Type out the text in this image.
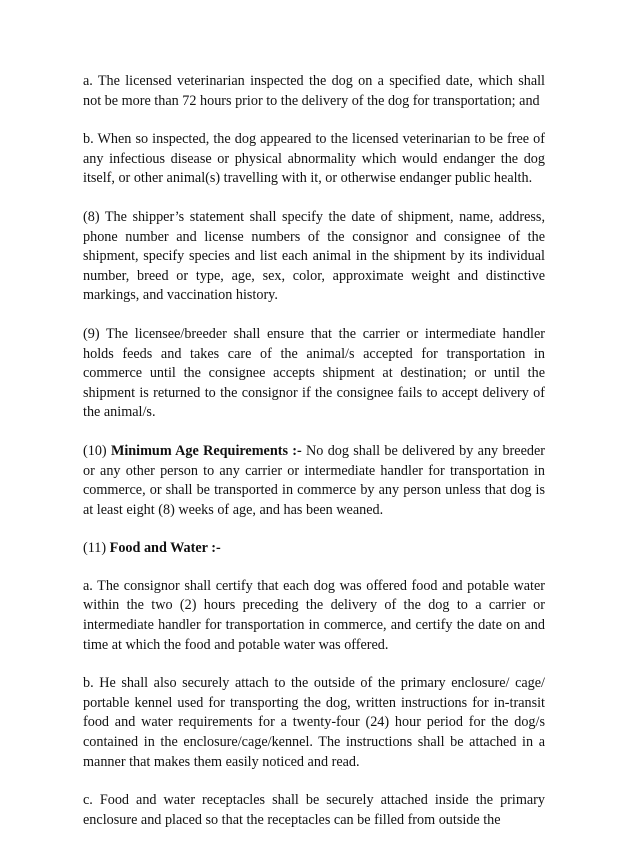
a. The licensed veterinarian inspected the dog on a specified date, which shall not be more than 72 hours prior to the delivery of the dog for transportation; and

b. When so inspected, the dog appeared to the licensed veterinarian to be free of any infectious disease or physical abnormality which would endanger the dog itself, or other animal(s) travelling with it, or otherwise endanger public health.

(8) The shipper’s statement shall specify the date of shipment, name, address, phone number and license numbers of the consignor and consignee of the shipment, specify species and list each animal in the shipment by its individual number, breed or type, age, sex, color, approximate weight and distinctive markings, and vaccination history.

(9) The licensee/breeder shall ensure that the carrier or intermediate handler holds feeds and takes care of the animal/s accepted for transportation in commerce until the consignee accepts shipment at destination; or until the shipment is returned to the consignor if the consignee fails to accept delivery of the animal/s.

(10) Minimum Age Requirements :- No dog shall be delivered by any breeder or any other person to any carrier or intermediate handler for transportation in commerce, or shall be transported in commerce by any person unless that dog is at least eight (8) weeks of age, and has been weaned.

(11) Food and Water :-

a. The consignor shall certify that each dog was offered food and potable water within the two (2) hours preceding the delivery of the dog to a carrier or intermediate handler for transportation in commerce, and certify the date on and time at which the food and potable water was offered.

b. He shall also securely attach to the outside of the primary enclosure/ cage/ portable kennel used for transporting the dog, written instructions for in-transit food and water requirements for a twenty-four (24) hour period for the dog/s contained in the enclosure/cage/kennel. The instructions shall be attached in a manner that makes them easily noticed and read.

c. Food and water receptacles shall be securely attached inside the primary enclosure and placed so that the receptacles can be filled from outside the
